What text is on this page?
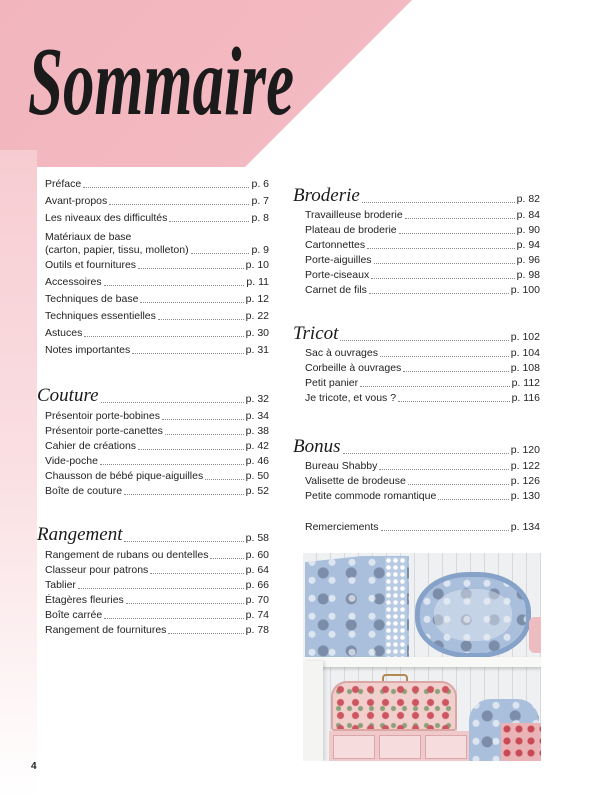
Sommaire
Préface	p. 6
Avant-propos	p. 7
Les niveaux des difficultés	p. 8
Matériaux de base
(carton, papier, tissu, molleton)	p. 9
Outils et fournitures	p. 10
Accessoires	p. 11
Techniques de base	p. 12
Techniques essentielles	p. 22
Astuces	p. 30
Notes importantes	p. 31
Couture	p. 32
Présentoir porte-bobines	p. 34
Présentoir porte-canettes	p. 38
Cahier de créations	p. 42
Vide-poche	p. 46
Chausson de bébé pique-aiguilles	p. 50
Boîte de couture	p. 52
Rangement	p. 58
Rangement de rubans ou dentelles	p. 60
Classeur pour patrons	p. 64
Tablier	p. 66
Étagères fleuries	p. 70
Boîte carrée	p. 74
Rangement de fournitures	p. 78
Broderie	p. 82
Travailleuse broderie	p. 84
Plateau de broderie	p. 90
Cartonnettes	p. 94
Porte-aiguilles	p. 96
Porte-ciseaux	p. 98
Carnet de fils	p. 100
Tricot	p. 102
Sac à ouvrages	p. 104
Corbeille à ouvrages	p. 108
Petit panier	p. 112
Je tricote, et vous ?	p. 116
Bonus	p. 120
Bureau Shabby	p. 122
Valisette de brodeuse	p. 126
Petite commode romantique	p. 130
Remerciements	p. 134
4
